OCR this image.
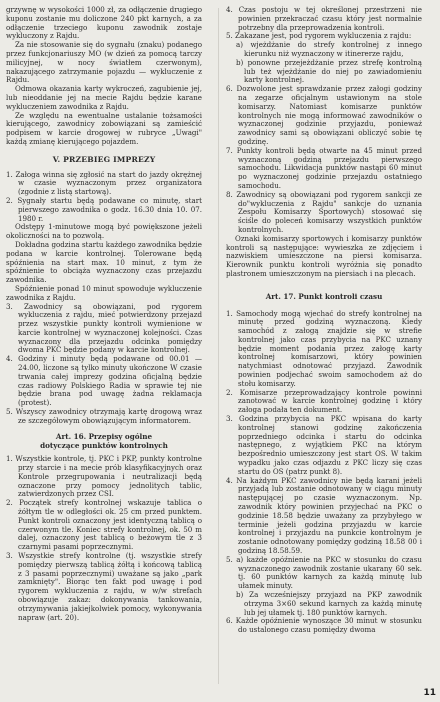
grzywnę w wysokości 1000 zł, za odłączenie drugiego kuponu zostanie mu doliczone 240 pkt karnych, a za odłączenie trzeciego kuponu zawodnik zostaje wykluczony z Rajdu.

Za nie stosowanie się do sygnału (znaku) podanego przez funkcjonariuszy MO (w dzień za pomocą tarczy milicyjnej, w nocy światłem czerwonym), nakazującego zatrzymanie pojazdu — wykluczenie z Rajdu.

Odmowa okazania karty wykroczeń, zagubienie jej, lub nieoddanie jej na mecie Rajdu będzie karane wykluczeniem zawodnika z Rajdu.

Ze względu na ewentualne ustalanie tożsamości kierującego, zawodnicy zobowiązani są zamieścić podpisem w karcie drogowej w rubryce „Uwagi" każdą zmianę kierującego pojazdem.

V. PRZEBIEG IMPREZY

1. Załoga winna się zgłosić na start do jazdy okrężnej w czasie wyznaczonym przez organizatora (zgodnie z listą startową).

2. Sygnały startu będą podawane co minutę, start pierwszego zawodnika o godz. 16.30 dnia 10. 07. 1980 r.

Odstępy 1-minutowe mogą być powiększone jeżeli okoliczności na to pozwolą.

Dokładna godzina startu każdego zawodnika będzie podana w karcie kontrolnej. Tolerowane będą spóźnienia na start max. 10 minut, z tym że spóźnienie to obciąża wyznaczony czas przejazdu zawodnika.

Spóźnienie ponad 10 minut spowoduje wykluczenie zawodnika z Rajdu.

3. Zawodnicy są obowiązani, pod rygorem wykluczenia z rajdu, mieć potwierdzony przejazd przez wszystkie punkty kontroli wymienione w karcie kontrolnej w wyznaczonej kolejności. Czas wyznaczony dla przejazdu odcinka pomiędzy dwoma PKC będzie podany w karcie kontrolnej.

4. Godziny i minuty będą podawane od 00.01 — 24.00, liczone są tylko minuty ukończone W czasie trwania całej imprezy godzina oficjalną będzie czas radiowy Polskiego Radia w sprawie tej nie będzie brana pod uwagę żadna reklamacja (protest).

5. Wszyscy zawodnicy otrzymają kartę drogową wraz ze szczegółowym obowiązującym informatorem.

Art. 16. Przepisy ogólne
dotyczące punktów kontrolnych

1. Wszystkie kontrole, tj. PKC i PKP, punkty kontrolne przy starcie i na mecie prób klasyfikacyjnych oraz Kontrole przegrupowania i neutralizacji będą oznaczone przy pomocy jednolitych tablic, zatwierdzonych przez CSI.

2. Początek strefy kontrolnej wskazuje tablica o żółtym tle w odległości ok. 25 cm przed punktem. Punkt kontroli oznaczony jest identyczną tablicą o czerwonym tle. Koniec strefy kontrolnej, ok. 50 m dalej, oznaczony jest tablicą o beżowym tle z 3 czarnymi pasami poprzecznymi.

3. Wszystkie strefy kontrolne (tj. wszystkie strefy pomiędzy pierwszą tablicą żółtą i końcową tablicą z 3 pasami poprzecznymi) uważane są jako „park zamknięty". Biorąc ten fakt pod uwagę i pod rygorem wykluczenia z rajdu, w w/w strefach obowiązuje zakaz: dokonywania tankowania, otrzymywania jakiejkolwiek pomocy, wykonywania napraw (art. 20).

4. Czas postoju w tej określonej przestrzeni nie powinien przekraczać czasu który jest normalnie potrzebny dla przeprowadzenia kontroli.

5. Zakazane jest, pod rygorem wykluczenia z rajdu:

a) wjeżdżanie do strefy kontrolnej z innego kierunku niż wyznaczony w itinererze rajdu,

b) ponowne przejeżdżanie przez strefę kontrolną lub też wjeżdżanie do niej po zawiadomieniu karty kontrolnej.

6. Dozwolone jest sprawdzanie przez załogi godziny na zegarze oficjalnym ustawionym na stole komisarzy. Natomiast komisarze punktów kontrolnych nie mogą informować zawodników o wyznaczonej godzinie przyjazdu, ponieważ zawodnicy sami są obowiązani obliczyć sobie tę godzinę.

7. Punkty kontroli będą otwarte na 45 minut przed wyznaczoną godziną przejazdu pierwszego samochodu. Likwidacja punktów nastąpi 60 minut po wyznaczonej godzinie przejazdu ostatniego samochodu.

8. Zawodnicy są obowiązani pod rygorem sankcji ze do"wykluczenia z Rajdu" sankcje do uznania Zespołu Komisarzy Sportowych) stosować się ściśle do poleceń komisarzy wszystkich punktów kontrolnych.

Oznaki komisarzy sportowych i komisarzy punktów kontroli są następujące: wywieszka ze zdjęciem i nazwiskiem umieszczone na piersi komisarza. Kierownik punktu kontroli wyróżnia się ponadto plastronem umieszczonym na piersiach i na plecach.

Art. 17. Punkt kontroli czasu

1. Samochody mogą wjechać do strefy kontrolnej na minutę przed godziną wyznaczoną. Kiedy samochód z załogą znajdzie się w strefie kontrolnej jako czas przybycia na PKC uznany będzie moment podania przez załogę karty kontrolnej komisarzowi, który powinien natychmiast odnotować przyjazd. Zawodnik powinien podjechać swoim samochodem aż do stołu komisarzy.

2. Komisarze przeprowadzający kontrole powinni zanotować w karcie kontrolnej godzinę i który załoga podała ten dokument.

3. Godzina przybycia na PKC wpisana do karty kontrolnej stanowi godzinę zakończenia poprzedniego odcinka i startu do odcinka następnego, z wyjątkiem PKC na którym bezpośrednio umieszczony jest start OS. W takim wypadku jako czas odjazdu z PKC liczy się czas startu do OS (patrz punkt 8).

4. Na każdym PKC zawodnicy nie będą karani jeżeli przyjadą lub zostanie odnotowany w ciągu minuty następującej po czasie wyznaczonym. Np. zawodnik który powinien przyjechać na PKC o godzinie 18.58 będzie uważany za przybyłego w terminie jeżeli godzina przyjazdu w karcie kontrolnej i przyjazdu na punkcie kontrolnym je zostanie odnotowany pomiędzy godziną 18.58 00 i godziną 18.58.59.

5. a) każde opóźnienie na PKC w stosunku do czasu wyznaczonego zawodnik zostanie ukarany 60 sek. tj. 60 punktów karnych za każdą minutę lub ułamek minuty.

b) Za wcześniejszy przyjazd na PKP zawodnik otrzyma 3×60 sekund karnych za każdą minutę lub jej ułamek tj. 180 punktów karnych.

6. Każde opóźnienie wynoszące 30 minut w stosunku do ustalonego czasu pomiędzy dwoma

11
